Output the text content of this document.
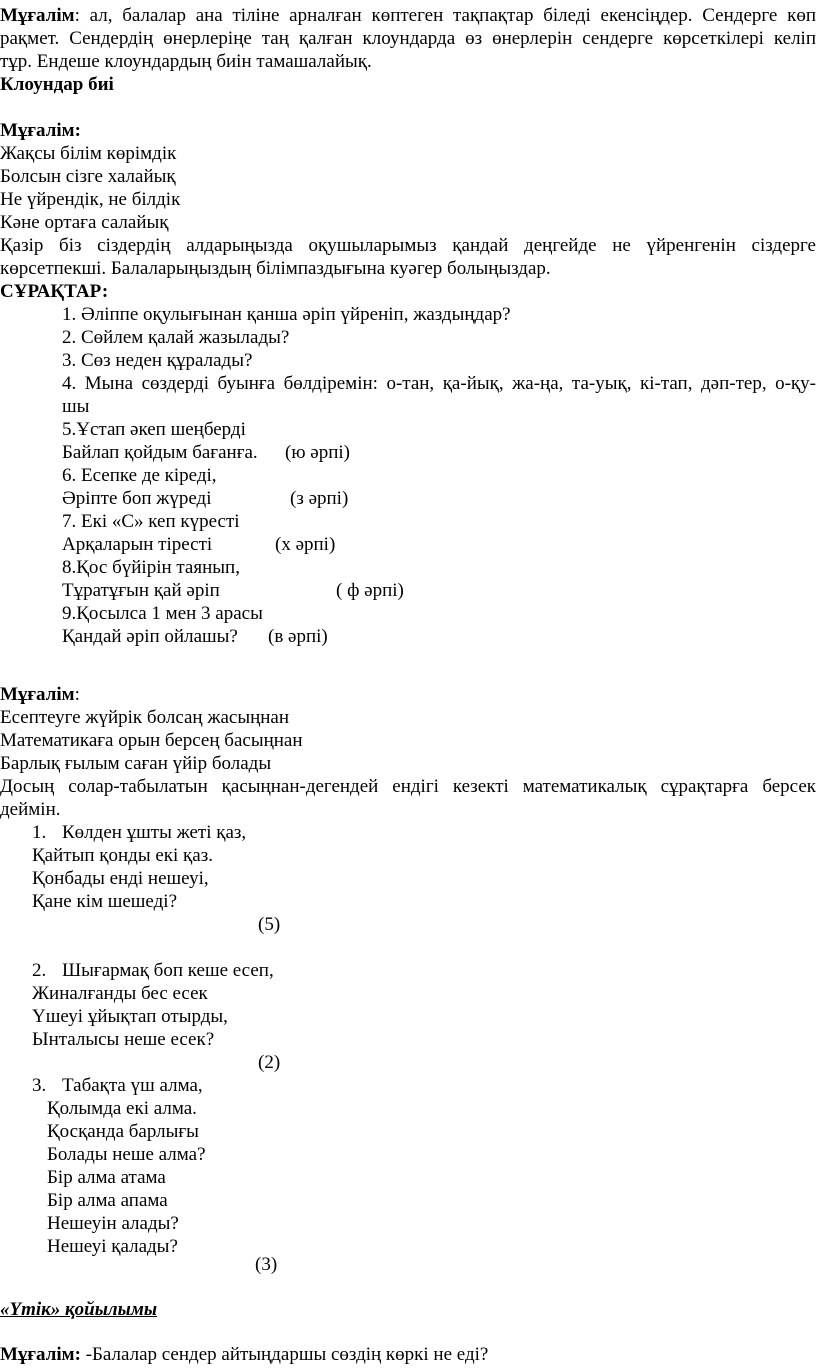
Мұғалім: ал, балалар ана тіліне арналған көптеген тақпақтар біледі екенсіңдер. Сендерге көп
рақмет. Сендердің өнерлеріңе таң қалған клоундарда өз өнерлерін сендерге көрсеткілері келіп
тұр. Ендеше клоундардың биін тамашалайық.
Клоундар биі
Мұғалім:
Жақсы білім көрімдік
Болсын сізге халайық
Не үйрендік, не білдік
Кәне ортаға салайық
Қазір біз сіздердің алдарыңызда оқушыларымыз қандай деңгейде не үйренгенін сіздерге
көрсетпекші. Балаларыңыздың білімпаздығына куәгер болыңыздар.
СҰРАҚТАР:
1. Әліппе оқулығынан қанша әріп үйреніп, жаздыңдар?
2. Сөйлем қалай жазылады?
3. Сөз неден құралады?
4. Мына сөздерді буынға бөлдіремін: о-тан, қа-йық, жа-ңа, та-уық, кі-тап, дәп-тер, о-қу-
шы
5.Ұстап әкеп шеңберді
Байлап қойдым бағанға. (ю әрпі)
6. Есепке де кіреді,
Әріпте боп жүреді	(з әрпі)
7. Екі «С» кеп күресті
Арқаларын тіресті	(х әрпі)
8.Қос бүйірін таянып,
Тұратұғын қай әріп	( ф әрпі)
9.Қосылса 1 мен 3 арасы
Қандай әріп ойлашы? (в әрпі)
Мұғалім:
Есептеуге жүйрік болсаң жасыңнан
Математикаға орын берсең басыңнан
Барлық ғылым саған үйір болады
Досың солар-табылатын қасыңнан-дегендей ендігі кезекті математикалық сұрақтарға берсек
деймін.
1. Көлден ұшты жеті қаз,
Қайтып қонды екі қаз.
Қонбады енді нешеуі,
Қане кім шешеді?
(5)
2. Шығармақ боп кеше есеп,
Жиналғанды бес есек
Үшеуі ұйықтап отырды,
Ынталысы неше есек?
(2)
3. Табақта үш алма,
Қолымда екі алма.
Қосқанда барлығы
Болады неше алма?
Бір алма атама
Бір алма апама
Нешеуін алады?
Нешеуі қалады?
(3)
«Үтік» қойылымы
Мұғалім: -Балалар сендер айтыңдаршы сөздің көркі не еді?
